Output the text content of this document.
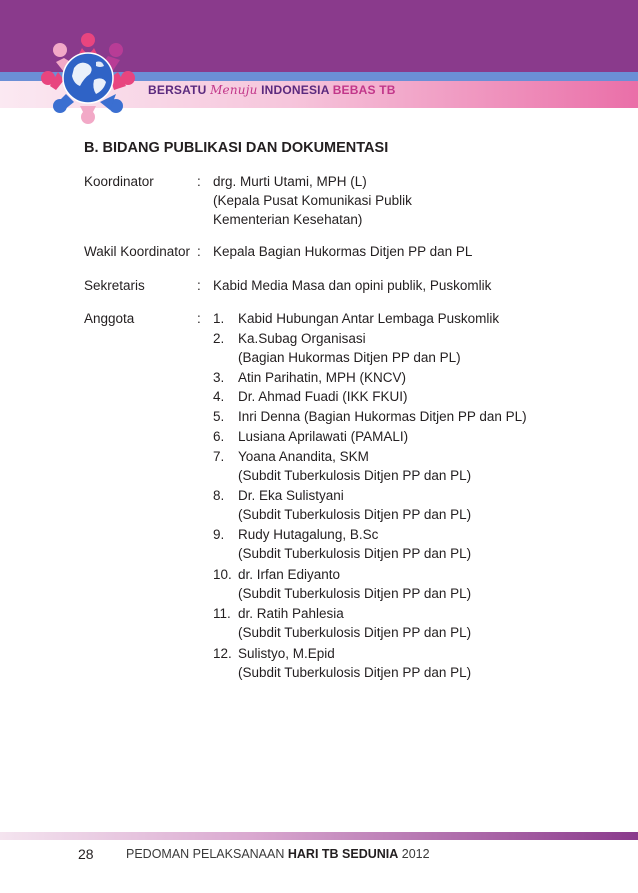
BERSATU Menuju INDONESIA BEBAS TB
B. BIDANG PUBLIKASI DAN DOKUMENTASI
Koordinator	: drg. Murti Utami, MPH (L)
(Kepala Pusat Komunikasi Publik
Kementerian Kesehatan)
Wakil Koordinator : Kepala Bagian Hukormas Ditjen PP dan PL
Sekretaris	: Kabid Media Masa dan opini publik, Puskomlik
Anggota	: 1. Kabid Hubungan Antar Lembaga Puskomlik
2. Ka.Subag Organisasi
(Bagian Hukormas Ditjen PP dan PL)
3. Atin Parihatin, MPH (KNCV)
4. Dr. Ahmad Fuadi (IKK FKUI)
5. Inri Denna (Bagian Hukormas Ditjen PP dan PL)
6. Lusiana Aprilawati (PAMALI)
7. Yoana Anandita, SKM
(Subdit Tuberkulosis Ditjen PP dan PL)
8. Dr. Eka Sulistyani
(Subdit Tuberkulosis Ditjen PP dan PL)
9. Rudy Hutagalung, B.Sc
(Subdit Tuberkulosis Ditjen PP dan PL)
10. dr. Irfan Ediyanto
(Subdit Tuberkulosis Ditjen PP dan PL)
11. dr. Ratih Pahlesia
(Subdit Tuberkulosis Ditjen PP dan PL)
12. Sulistyo, M.Epid
(Subdit Tuberkulosis Ditjen PP dan PL)
28	PEDOMAN PELAKSANAAN HARI TB SEDUNIA 2012
